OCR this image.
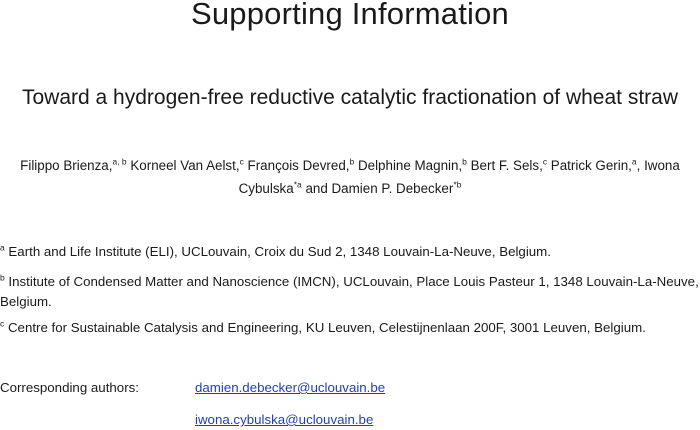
Supporting Information
Toward a hydrogen-free reductive catalytic fractionation of wheat straw
Filippo Brienza,$^{a, b}$ Korneel Van Aelst,$^c$ François Devred,$^b$ Delphine Magnin,$^b$ Bert F. Sels,$^c$ Patrick Gerin,$^a$, Iwona Cybulska$^{*a}$ and Damien P. Debecker$^{*b}$
$^a$ Earth and Life Institute (ELI), UCLouvain, Croix du Sud 2, 1348 Louvain-La-Neuve, Belgium.
$^b$ Institute of Condensed Matter and Nanoscience (IMCN), UCLouvain, Place Louis Pasteur 1, 1348 Louvain-La-Neuve, Belgium.
$^c$ Centre for Sustainable Catalysis and Engineering, KU Leuven, Celestijnenlaan 200F, 3001 Leuven, Belgium.
Corresponding authors:	damien.debecker@uclouvain.be
iwona.cybulska@uclouvain.be
